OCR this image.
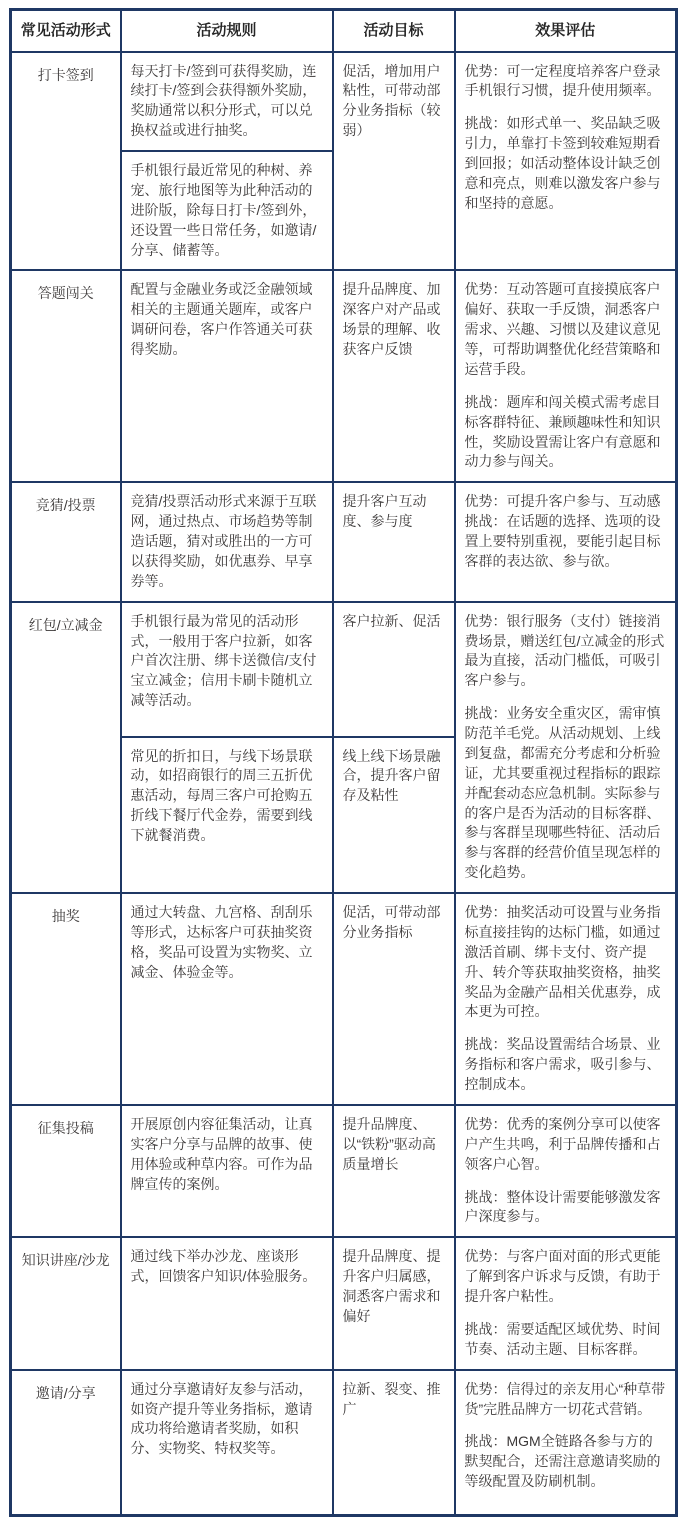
常见活动形式	活动规则	活动目标	效果评估
打卡签到	每天打卡/签到可获得奖励，连续打卡/签到会获得额外奖励，奖励通常以积分形式，可以兑换权益或进行抽奖。	促活，增加用户粘性，可带动部分业务指标（较弱）	优势：可一定程度培养客户登录手机银行习惯，提升使用频率。

挑战：如形式单一、奖品缺乏吸引力，单靠打卡签到较难短期看到回报；如活动整体设计缺乏创意和亮点，则难以激发客户参与和坚持的意愿。

	手机银行最近常见的种树、养宠、旅行地图等为此种活动的进阶版，除每日打卡/签到外，还设置一些日常任务，如邀请/分享、储蓄等。		

答题闯关	配置与金融业务或泛金融领域相关的主题通关题库，或客户调研问卷，客户作答通关可获得奖励。	提升品牌度、加深客户对产品或场景的理解、收获客户反馈	优势：互动答题可直接摸底客户偏好、获取一手反馈，洞悉客户需求、兴趣、习惯以及建议意见等，可帮助调整优化经营策略和运营手段。

挑战：题库和闯关模式需考虑目标客群特征、兼顾趣味性和知识性，奖励设置需让客户有意愿和动力参与闯关。

竞猜/投票	竞猜/投票活动形式来源于互联网，通过热点、市场趋势等制造话题，猜对或胜出的一方可以获得奖励，如优惠券、早享券等。	提升客户互动度、参与度	优势：可提升客户参与、互动感

挑战：在话题的选择、选项的设置上要特别重视，要能引起目标客群的表达欲、参与欲。

红包/立减金	手机银行最为常见的活动形式，一般用于客户拉新，如客户首次注册、绑卡送微信/支付宝立减金；信用卡刷卡随机立减等活动。	客户拉新、促活	优势：银行服务（支付）链接消费场景，赠送红包/立减金的形式最为直接，活动门槛低，可吸引客户参与。

挑战：业务安全重灾区，需审慎防范羊毛党。从活动规划、上线到复盘，都需充分考虑和分析验证，尤其要重视过程指标的跟踪并配套动态应急机制。实际参与的客户是否为活动的目标客群、参与客群呈现哪些特征、活动后参与客群的经营价值呈现怎样的变化趋势。

	常见的折扣日，与线下场景联动，如招商银行的周三五折优惠活动，每周三客户可抢购五折线下餐厅代金券，需要到线下就餐消费。	线上线下场景融合，提升客户留存及粘性	

抽奖	通过大转盘、九宫格、刮刮乐等形式，达标客户可获抽奖资格，奖品可设置为实物奖、立减金、体验金等。	促活，可带动部分业务指标	优势：抽奖活动可设置与业务指标直接挂钩的达标门槛，如通过激活首刷、绑卡支付、资产提升、转介等获取抽奖资格，抽奖奖品为金融产品相关优惠券，成本更为可控。

挑战：奖品设置需结合场景、业务指标和客户需求，吸引参与、控制成本。

征集投稿	开展原创内容征集活动，让真实客户分享与品牌的故事、使用体验或种草内容。可作为品牌宣传的案例。	提升品牌度、以“铁粉”驱动高质量增长	优势：优秀的案例分享可以使客户产生共鸣，利于品牌传播和占领客户心智。

挑战：整体设计需要能够激发客户深度参与。

知识讲座/沙龙	通过线下举办沙龙、座谈形式，回馈客户知识/体验服务。	提升品牌度、提升客户归属感，洞悉客户需求和偏好	优势：与客户面对面的形式更能了解到客户诉求与反馈，有助于提升客户粘性。

挑战：需要适配区域优势、时间节奏、活动主题、目标客群。

邀请/分享	通过分享邀请好友参与活动，如资产提升等业务指标，邀请成功将给邀请者奖励，如积分、实物奖、特权奖等。	拉新、裂变、推广	优势：信得过的亲友用心“种草带货”完胜品牌方一切花式营销。

挑战：MGM全链路各参与方的默契配合，还需注意邀请奖励的等级配置及防刷机制。
